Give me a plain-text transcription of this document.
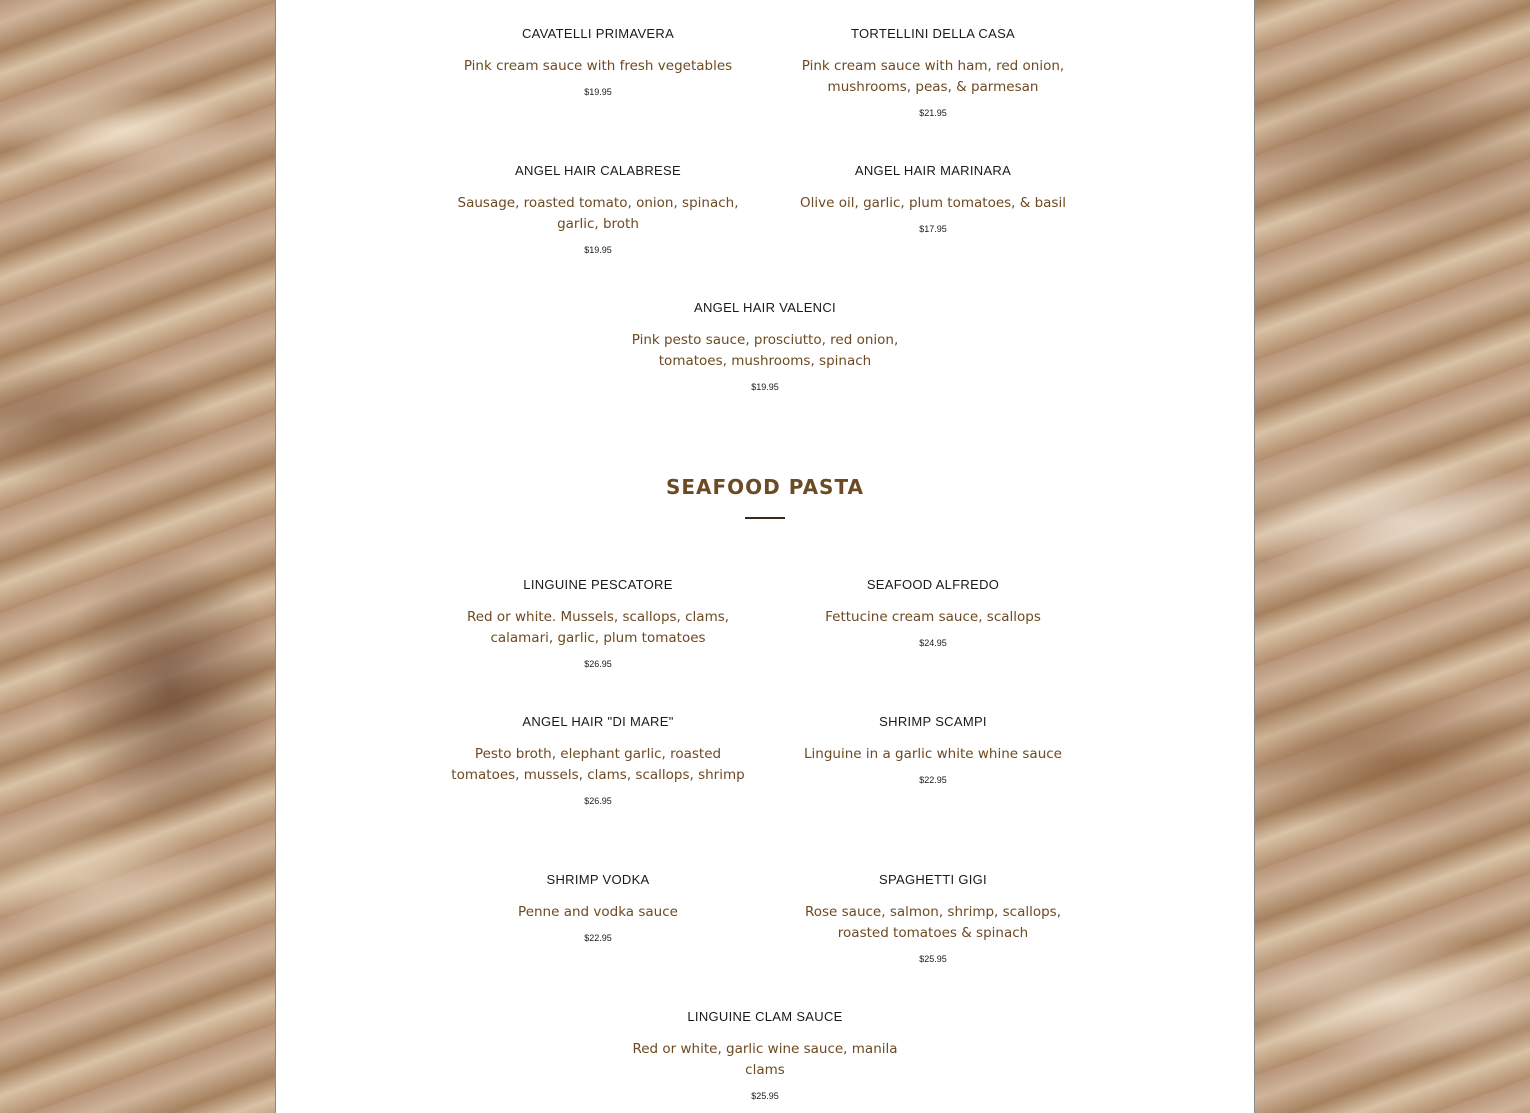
CAVATELLI PRIMAVERA

Pink cream sauce with fresh vegetables

$19.95

TORTELLINI DELLA CASA

Pink cream sauce with ham, red onion, mushrooms, peas, & parmesan

$21.95

ANGEL HAIR CALABRESE

Sausage, roasted tomato, onion, spinach, garlic, broth

$19.95

ANGEL HAIR MARINARA

Olive oil, garlic, plum tomatoes, & basil

$17.95

ANGEL HAIR VALENCI

Pink pesto sauce, prosciutto, red onion, tomatoes, mushrooms, spinach

$19.95

SEAFOOD PASTA

LINGUINE PESCATORE

Red or white. Mussels, scallops, clams, calamari, garlic, plum tomatoes

$26.95

SEAFOOD ALFREDO

Fettucine cream sauce, scallops

$24.95

ANGEL HAIR "DI MARE"

Pesto broth, elephant garlic, roasted tomatoes, mussels, clams, scallops, shrimp

$26.95

SHRIMP SCAMPI

Linguine in a garlic white whine sauce

$22.95

SHRIMP VODKA

Penne and vodka sauce

$22.95

SPAGHETTI GIGI

Rose sauce, salmon, shrimp, scallops, roasted tomatoes & spinach

$25.95

LINGUINE CLAM SAUCE

Red or white, garlic wine sauce, manila clams

$25.95
